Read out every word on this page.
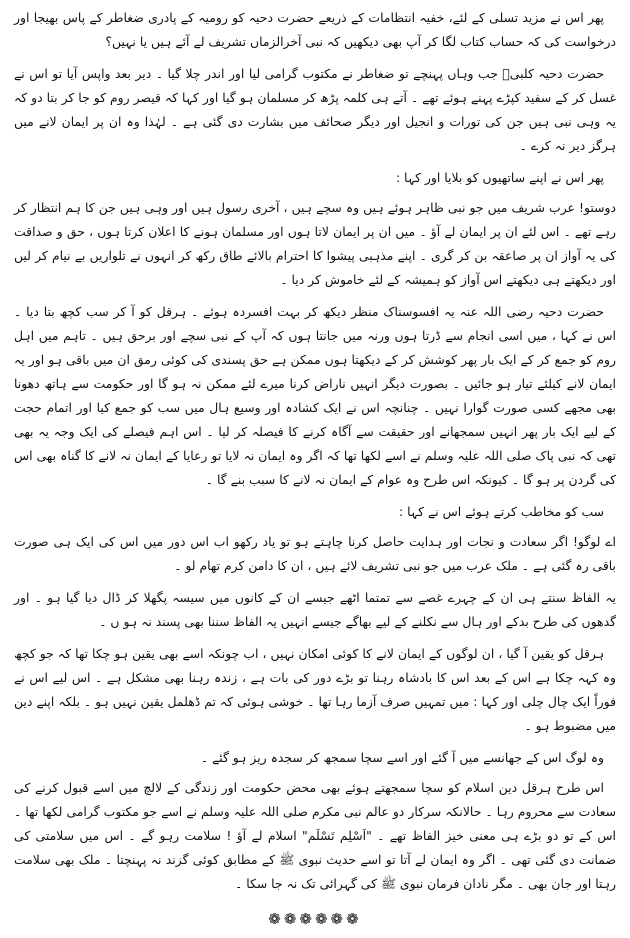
پھر اس نے مزید تسلی کے لئے، خفیہ انتظامات کے ذریعے حضرت دحیہ کو رومیہ کے پادری ضغاطر کے پاس بھیجا اور درخواست کی کہ حساب کتاب لگا کر آپ بھی دیکھیں کہ نبی آخرالزماں تشریف لے آئے ہیں یا نہیں؟

حضرت دحیہ کلبیؓ جب وہاں پہنچے تو ضغاطر نے مکتوب گرامی لیا اور اندر چلا گیا ۔ دیر بعد واپس آیا تو اس نے غسل کر کے سفید کپڑے پہنے ہوئے تھے ۔ آتے ہی کلمہ پڑھ کر مسلمان ہو گیا اور کہا کہ قیصر روم کو جا کر بتا دو کہ یہ وہی نبی ہیں جن کی تورات و انجیل اور دیگر صحائف میں بشارت دی گئی ہے ۔ لہٰذا وہ ان پر ایمان لانے میں ہرگز دیر نہ کرے ۔

پھر اس نے اپنے ساتھیوں کو بلایا اور کہا :

دوستو! عرب شریف میں جو نبی ظاہر ہوئے ہیں وہ سچے ہیں ، آخری رسول ہیں اور وہی ہیں جن کا ہم انتظار کر رہے تھے ۔ اس لئے ان پر ایمان لے آؤ ۔ میں ان پر ایمان لاتا ہوں اور مسلمان ہونے کا اعلان کرتا ہوں ، حق و صداقت کی یہ آواز ان پر صاعقہ بن کر گری ۔ اپنے مذہبی پیشوا کا احترام بالائے طاق رکھ کر انہوں نے تلواریں بے نیام کر لیں اور دیکھتے ہی دیکھتے اس آواز کو ہمیشہ کے لئے خاموش کر دیا ۔

حضرت دحیہ رضی اللہ عنہ یہ افسوسناک منظر دیکھ کر بہت افسردہ ہوئے ۔ ہرقل کو آ کر سب کچھ بتا دیا ۔ اس نے کہا ، میں اسی انجام سے ڈرتا ہوں ورنہ میں جانتا ہوں کہ آپ کے نبی سچے اور برحق ہیں ۔ تاہم میں اہل روم کو جمع کر کے ایک بار پھر کوشش کر کے دیکھتا ہوں ممکن ہے حق پسندی کی کوئی رمق ان میں باقی ہو اور یہ ایمان لانے کیلئے تیار ہو جائیں ۔ بصورت دیگر انہیں ناراض کرنا میرے لئے ممکن نہ ہو گا اور حکومت سے ہاتھ دھونا بھی مجھے کسی صورت گوارا نہیں ۔ چنانچہ اس نے ایک کشادہ اور وسیع ہال میں سب کو جمع کیا اور اتمام حجت کے لیے ایک بار پھر انہیں سمجھانے اور حقیقت سے آگاہ کرنے کا فیصلہ کر لیا ۔ اس اہم فیصلے کی ایک وجہ یہ بھی تھی کہ نبی پاک صلی اللہ علیہ وسلم نے اسے لکھا تھا کہ اگر وہ ایمان نہ لایا تو رعایا کے ایمان نہ لانے کا گناہ بھی اس کی گردن پر ہو گا ۔ کیونکہ اس طرح وہ عوام کے ایمان نہ لانے کا سبب بنے گا ۔

سب کو مخاطب کرتے ہوئے اس نے کہا :

اے لوگو! اگر سعادت و نجات اور ہدایت حاصل کرنا چاہتے ہو تو یاد رکھو اب اس دور میں اس کی ایک ہی صورت باقی رہ گئی ہے ۔ ملک عرب میں جو نبی تشریف لائے ہیں ، ان کا دامن کرم تھام لو ۔

یہ الفاظ سنتے ہی ان کے چہرے غصے سے تمتما اٹھے جیسے ان کے کانوں میں سیسہ پگھلا کر ڈال دیا گیا ہو ۔ اور گدھوں کی طرح بدکے اور ہال سے نکلنے کے لیے بھاگے جیسے انہیں یہ الفاظ سننا بھی پسند نہ ہو ں ۔

ہرقل کو یقین آ گیا ، ان لوگوں کے ایمان لانے کا کوئی امکان نہیں ، اب چونکہ اسے بھی یقین ہو چکا تھا کہ جو کچھ وہ کہہ چکا ہے اس کے بعد اس کا بادشاہ رہنا تو بڑے دور کی بات ہے ، زندہ رہنا بھی مشکل ہے ۔ اس لیے اس نے فوراً ایک چال چلی اور کہا : میں تمہیں صرف آزما رہا تھا ۔ خوشی ہوئی کہ تم ڈھلمل یقین نہیں ہو ۔ بلکہ اپنے دین میں مضبوط ہو ۔

وہ لوگ اس کے جھانسے میں آ گئے اور اسے سچا سمجھ کر سجدہ ریز ہو گئے ۔

اس طرح ہرقل دین اسلام کو سچا سمجھتے ہوئے بھی محض حکومت اور زندگی کے لالچ میں اسے قبول کرنے کی سعادت سے محروم رہا ۔ حالانکہ سرکار دو عالم نبی مکرم صلی اللہ علیہ وسلم نے اسے جو مکتوب گرامی لکھا تھا ۔ اس کے تو دو بڑے ہی معنی خیز الفاظ تھے ۔ "اَسْلِم تَسْلَم" اسلام لے آؤ ! سلامت رہو گے ۔ اس میں سلامتی کی ضمانت دی گئی تھی ۔ اگر وہ ایمان لے آتا تو اسے حدیث نبوی ﷺ کے مطابق کوئی گزند نہ پہنچتا ۔ ملک بھی سلامت رہتا اور جان بھی ۔ مگر نادان فرمان نبوی ﷺ کی گہرائی تک نہ جا سکا ۔

❁❁❁❁❁❁
